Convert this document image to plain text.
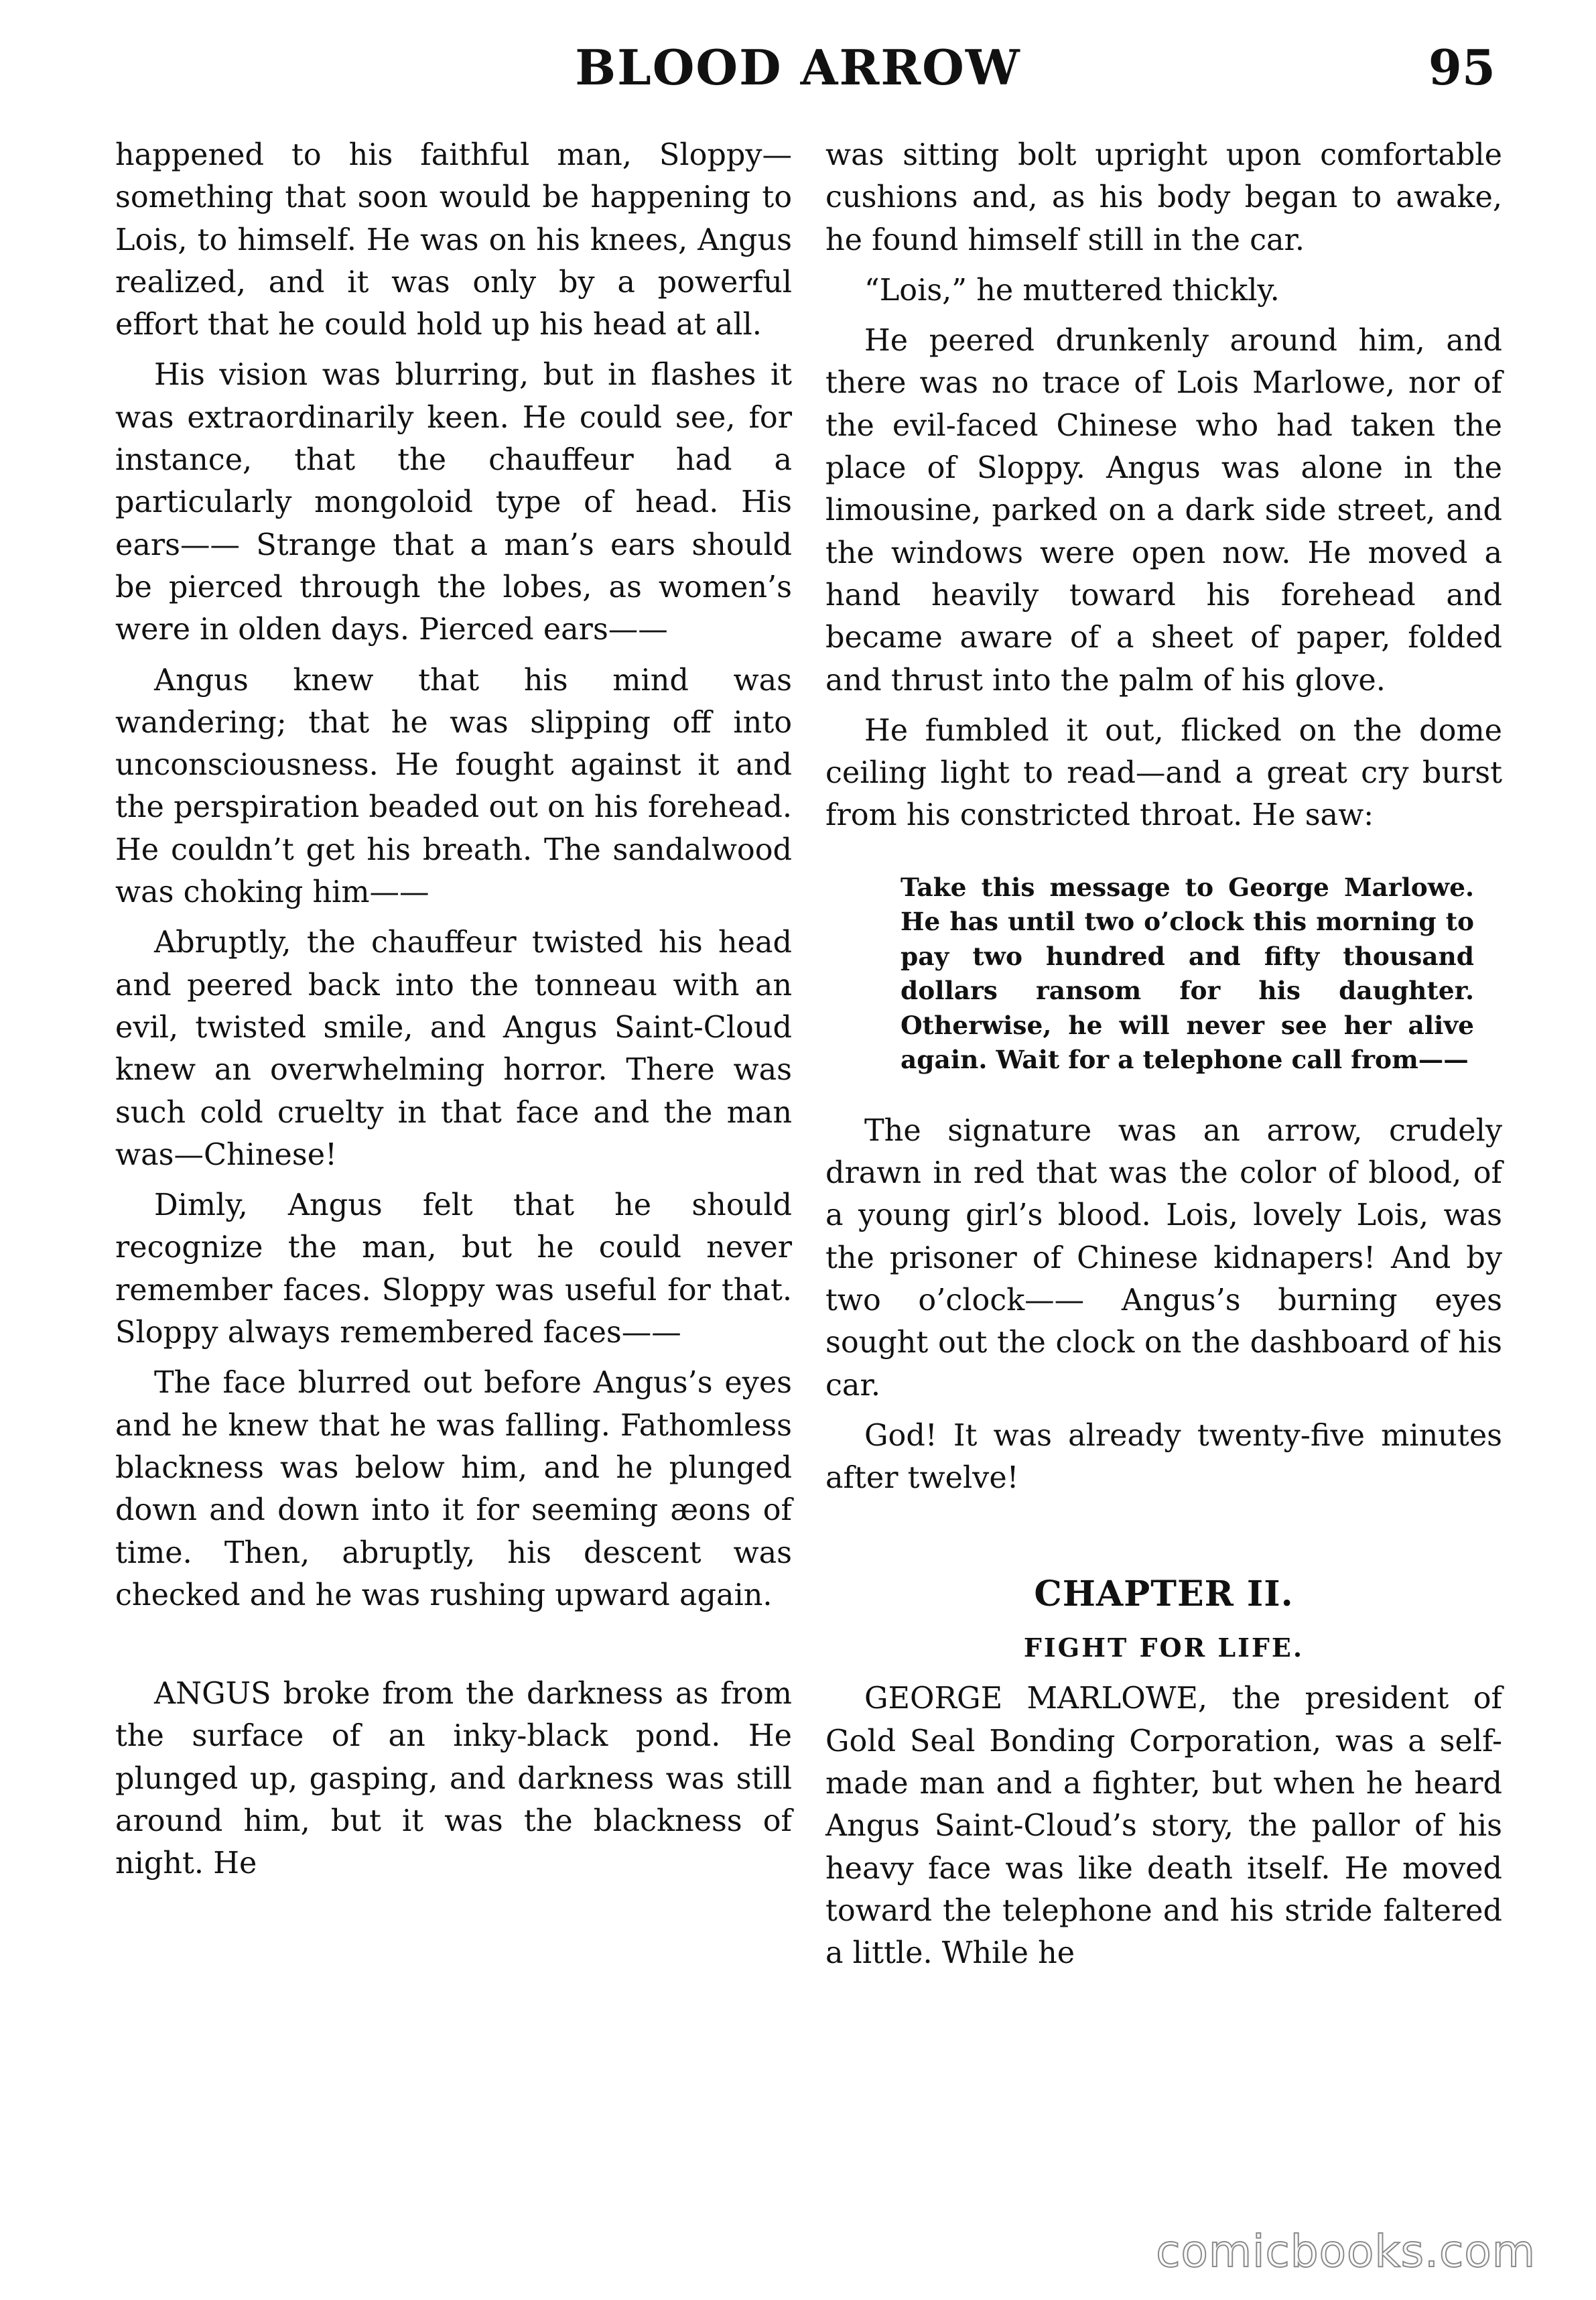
BLOOD ARROW	95

happened to his faithful man, Sloppy—something that soon would be happening to Lois, to himself. He was on his knees, Angus realized, and it was only by a powerful effort that he could hold up his head at all.

His vision was blurring, but in flashes it was extraordinarily keen. He could see, for instance, that the chauffeur had a particularly mongoloid type of head. His ears—— Strange that a man’s ears should be pierced through the lobes, as women’s were in olden days. Pierced ears——

Angus knew that his mind was wandering; that he was slipping off into unconsciousness. He fought against it and the perspiration beaded out on his forehead. He couldn’t get his breath. The sandalwood was choking him——

Abruptly, the chauffeur twisted his head and peered back into the tonneau with an evil, twisted smile, and Angus Saint-Cloud knew an overwhelming horror. There was such cold cruelty in that face and the man was—Chinese!

Dimly, Angus felt that he should recognize the man, but he could never remember faces. Sloppy was useful for that. Sloppy always remembered faces——

The face blurred out before Angus’s eyes and he knew that he was falling. Fathomless blackness was below him, and he plunged down and down into it for seeming æons of time. Then, abruptly, his descent was checked and he was rushing upward again.

ANGUS broke from the darkness as from the surface of an inky-black pond. He plunged up, gasping, and darkness was still around him, but it was the blackness of night. He

was sitting bolt upright upon comfortable cushions and, as his body began to awake, he found himself still in the car.

“Lois,” he muttered thickly.

He peered drunkenly around him, and there was no trace of Lois Marlowe, nor of the evil-faced Chinese who had taken the place of Sloppy. Angus was alone in the limousine, parked on a dark side street, and the windows were open now. He moved a hand heavily toward his forehead and became aware of a sheet of paper, folded and thrust into the palm of his glove.

He fumbled it out, flicked on the dome ceiling light to read—and a great cry burst from his constricted throat. He saw:

Take this message to George Marlowe. He has until two o’clock this morning to pay two hundred and fifty thousand dollars ransom for his daughter. Otherwise, he will never see her alive again. Wait for a telephone call from——

The signature was an arrow, crudely drawn in red that was the color of blood, of a young girl’s blood. Lois, lovely Lois, was the prisoner of Chinese kidnapers! And by two o’clock—— Angus’s burning eyes sought out the clock on the dashboard of his car.

God! It was already twenty-five minutes after twelve!

CHAPTER II.
FIGHT FOR LIFE.

GEORGE MARLOWE, the president of Gold Seal Bonding Corporation, was a self-made man and a fighter, but when he heard Angus Saint-Cloud’s story, the pallor of his heavy face was like death itself. He moved toward the telephone and his stride faltered a little. While he

comicbooks.com
